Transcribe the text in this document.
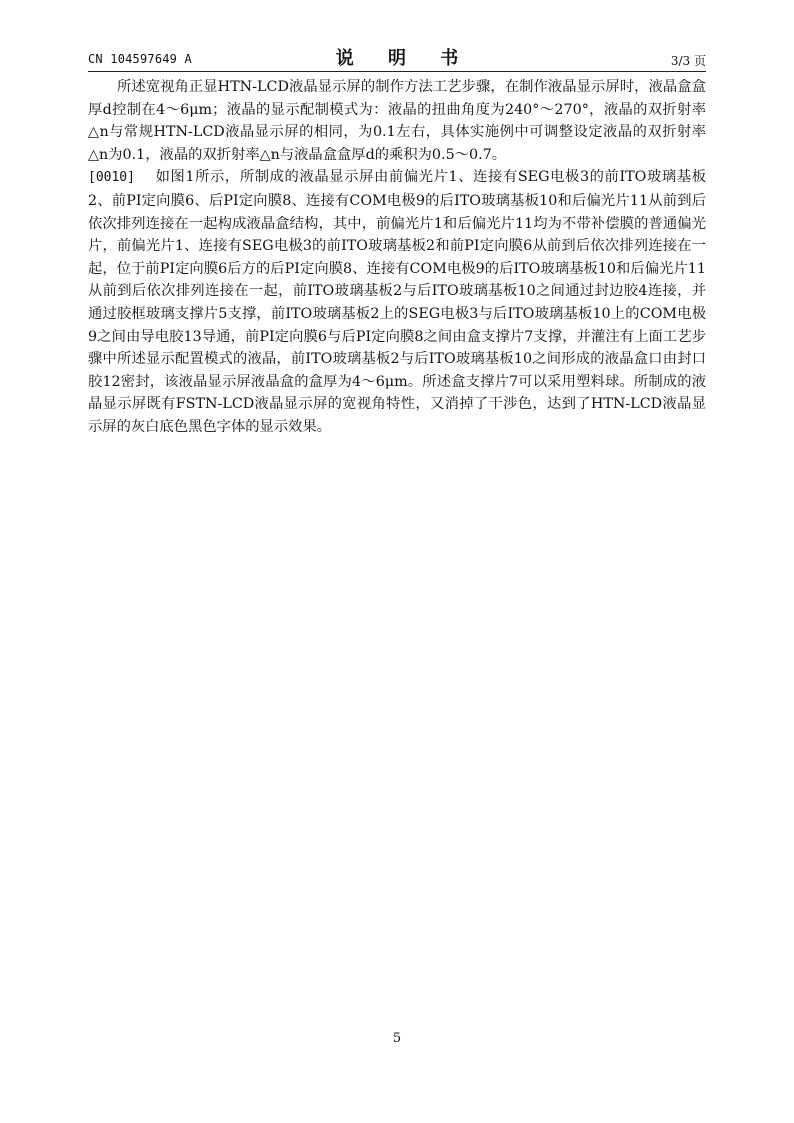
CN 104597649 A	说 明 书	3/3 页

所述宽视角正显HTN-LCD液晶显示屏的制作方法工艺步骤，在制作液晶显示屏时，液晶盒盒厚d控制在4～6μm；液晶的显示配制模式为：液晶的扭曲角度为240°～270°，液晶的双折射率△n与常规HTN-LCD液晶显示屏的相同，为0.1左右，具体实施例中可调整设定液晶的双折射率△n为0.1，液晶的双折射率△n与液晶盒盒厚d的乘积为0.5～0.7。

[0010] 如图1所示，所制成的液晶显示屏由前偏光片1、连接有SEG电极3的前ITO玻璃基板2、前PI定向膜6、后PI定向膜8、连接有COM电极9的后ITO玻璃基板10和后偏光片11从前到后依次排列连接在一起构成液晶盒结构，其中，前偏光片1和后偏光片11均为不带补偿膜的普通偏光片，前偏光片1、连接有SEG电极3的前ITO玻璃基板2和前PI定向膜6从前到后依次排列连接在一起，位于前PI定向膜6后方的后PI定向膜8、连接有COM电极9的后ITO玻璃基板10和后偏光片11从前到后依次排列连接在一起，前ITO玻璃基板2与后ITO玻璃基板10之间通过封边胶4连接，并通过胶框玻璃支撑片5支撑，前ITO玻璃基板2上的SEG电极3与后ITO玻璃基板10上的COM电极9之间由导电胶13导通，前PI定向膜6与后PI定向膜8之间由盒支撑片7支撑，并灌注有上面工艺步骤中所述显示配置模式的液晶，前ITO玻璃基板2与后ITO玻璃基板10之间形成的液晶盒口由封口胶12密封，该液晶显示屏液晶盒的盒厚为4～6μm。所述盒支撑片7可以采用塑料球。所制成的液晶显示屏既有FSTN-LCD液晶显示屏的宽视角特性，又消掉了干涉色，达到了HTN-LCD液晶显示屏的灰白底色黑色字体的显示效果。

5
